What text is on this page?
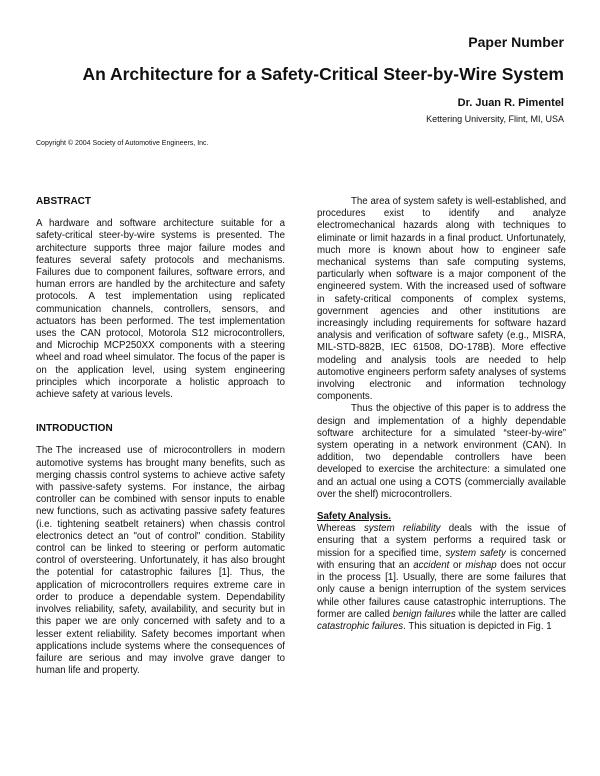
Paper Number
An Architecture for a Safety-Critical Steer-by-Wire System
Dr. Juan R. Pimentel
Kettering University, Flint, MI, USA
Copyright © 2004 Society of Automotive Engineers, Inc.
ABSTRACT

A hardware and software architecture suitable for a safety-critical steer-by-wire systems is presented. The architecture supports three major failure modes and features several safety protocols and mechanisms. Failures due to component failures, software errors, and human errors are handled by the architecture and safety protocols. A test implementation using replicated communication channels, controllers, sensors, and actuators has been performed. The test implementation uses the CAN protocol, Motorola S12 microcontrollers, and Microchip MCP250XX components with a steering wheel and road wheel simulator. The focus of the paper is on the application level, using system engineering principles which incorporate a holistic approach to achieve safety at various levels.

INTRODUCTION

The The increased use of microcontrollers in modern automotive systems has brought many benefits, such as merging chassis control systems to achieve active safety with passive-safety systems. For instance, the airbag controller can be combined with sensor inputs to enable new functions, such as activating passive safety features (i.e. tightening seatbelt retainers) when chassis control electronics detect an "out of control" condition. Stability control can be linked to steering or perform automatic control of oversteering. Unfortunately, it has also brought the potential for catastrophic failures [1]. Thus, the application of microcontrollers requires extreme care in order to produce a dependable system. Dependability involves reliability, safety, availability, and security but in this paper we are only concerned with safety and to a lesser extent reliability. Safety becomes important when applications include systems where the consequences of failure are serious and may involve grave danger to human life and property.

The area of system safety is well-established, and procedures exist to identify and analyze electromechanical hazards along with techniques to eliminate or limit hazards in a final product. Unfortunately, much more is known about how to engineer safe mechanical systems than safe computing systems, particularly when software is a major component of the engineered system. With the increased used of software in safety-critical components of complex systems, government agencies and other institutions are increasingly including requirements for software hazard analysis and verification of software safety (e.g., MISRA, MIL-STD-882B, IEC 61508, DO-178B). More effective modeling and analysis tools are needed to help automotive engineers perform safety analyses of systems involving electronic and information technology components.

Thus the objective of this paper is to address the design and implementation of a highly dependable software architecture for a simulated “steer-by-wire” system operating in a network environment (CAN). In addition, two dependable controllers have been developed to exercise the architecture: a simulated one and an actual one using a COTS (commercially available over the shelf) microcontrollers.

Safety Analysis.

Whereas system reliability deals with the issue of ensuring that a system performs a required task or mission for a specified time, system safety is concerned with ensuring that an accident or mishap does not occur in the process [1]. Usually, there are some failures that only cause a benign interruption of the system services while other failures cause catastrophic interruptions. The former are called benign failures while the latter are called catastrophic failures. This situation is depicted in Fig. 1
